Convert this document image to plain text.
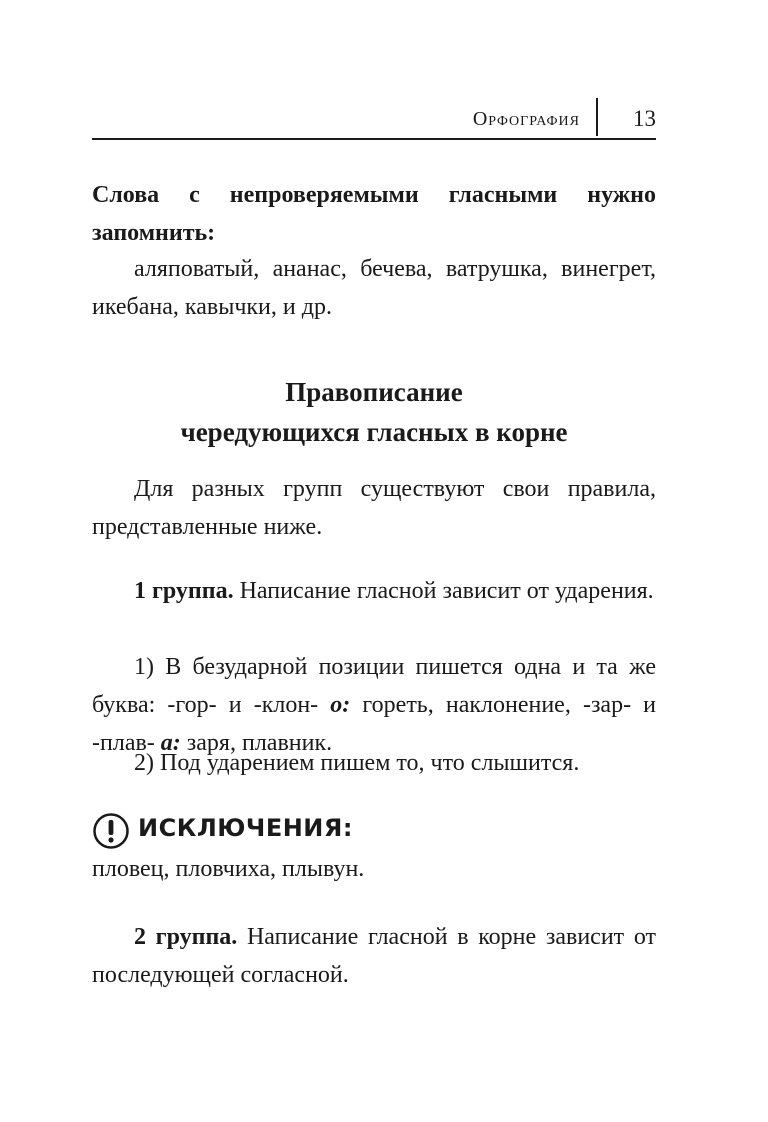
Орфография 13

Слова с непроверяемыми гласными нужно запомнить:

аляповатый, ананас, бечева, ватрушка, винегрет, икебана, кавычки, и др.

Правописание
чередующихся гласных в корне

Для разных групп существуют свои правила, представленные ниже.

1 группа. Написание гласной зависит от ударения.

1) В безударной позиции пишется одна и та же буква: -гор- и -клон- о: гореть, наклонение, -зар- и -плав- а: заря, плавник.

2) Под ударением пишем то, что слышится.

ИСКЛЮЧЕНИЯ:

пловец, пловчиха, плывун.

2 группа. Написание гласной в корне зависит от последующей согласной.
